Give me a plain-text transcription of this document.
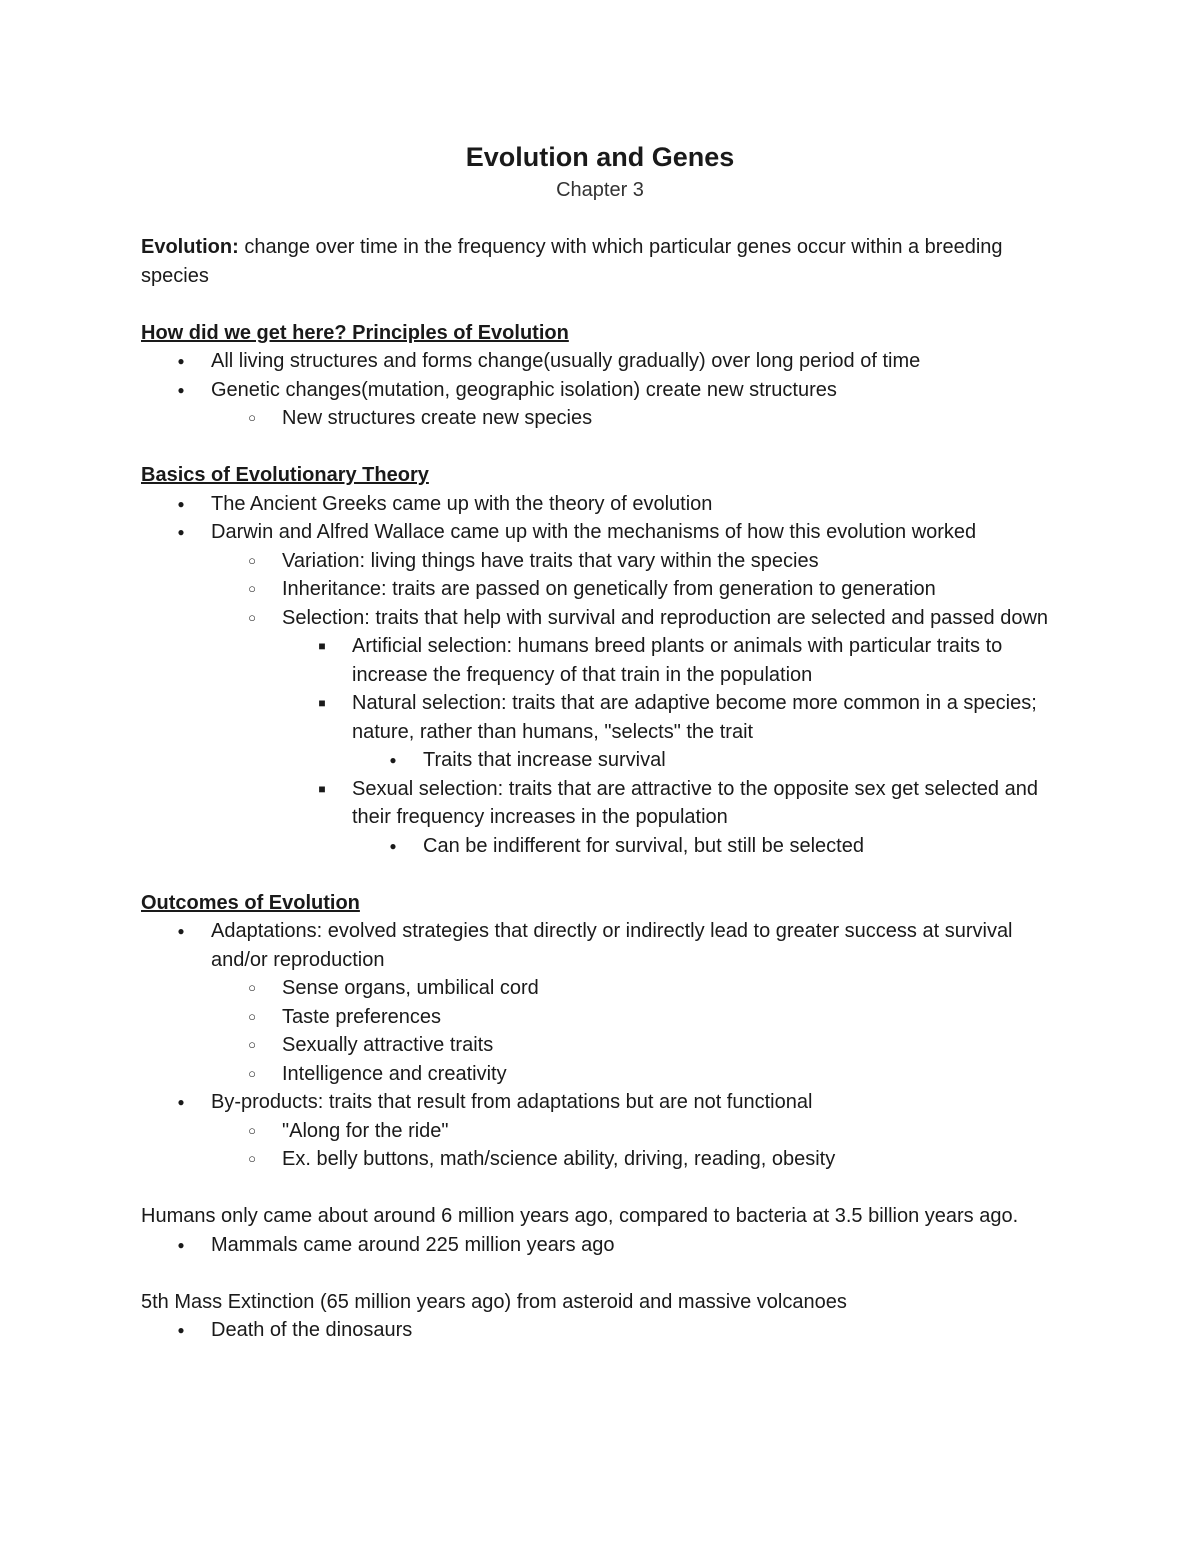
Evolution and Genes
Chapter 3

Evolution: change over time in the frequency with which particular genes occur within a breeding species

How did we get here? Principles of Evolution

●
All living structures and forms change(usually gradually) over long period of time
●
Genetic changes(mutation, geographic isolation) create new structures
○
New structures create new species

Basics of Evolutionary Theory

●
The Ancient Greeks came up with the theory of evolution
●
Darwin and Alfred Wallace came up with the mechanisms of how this evolution worked
○
Variation: living things have traits that vary within the species
○
Inheritance: traits are passed on genetically from generation to generation
○
Selection: traits that help with survival and reproduction are selected and passed down
■
Artificial selection: humans breed plants or animals with particular traits to increase the frequency of that train in the population
■
Natural selection: traits that are adaptive become more common in a species; nature, rather than humans, "selects" the trait
●
Traits that increase survival
■
Sexual selection: traits that are attractive to the opposite sex get selected and their frequency increases in the population
●
Can be indifferent for survival, but still be selected

Outcomes of Evolution

●
Adaptations: evolved strategies that directly or indirectly lead to greater success at survival and/or reproduction
○
Sense organs, umbilical cord
○
Taste preferences
○
Sexually attractive traits
○
Intelligence and creativity
●
By-products: traits that result from adaptations but are not functional
○
"Along for the ride"
○
Ex. belly buttons, math/science ability, driving, reading, obesity

Humans only came about around 6 million years ago, compared to bacteria at 3.5 billion years ago.

●
Mammals came around 225 million years ago

5th Mass Extinction (65 million years ago) from asteroid and massive volcanoes

●
Death of the dinosaurs
